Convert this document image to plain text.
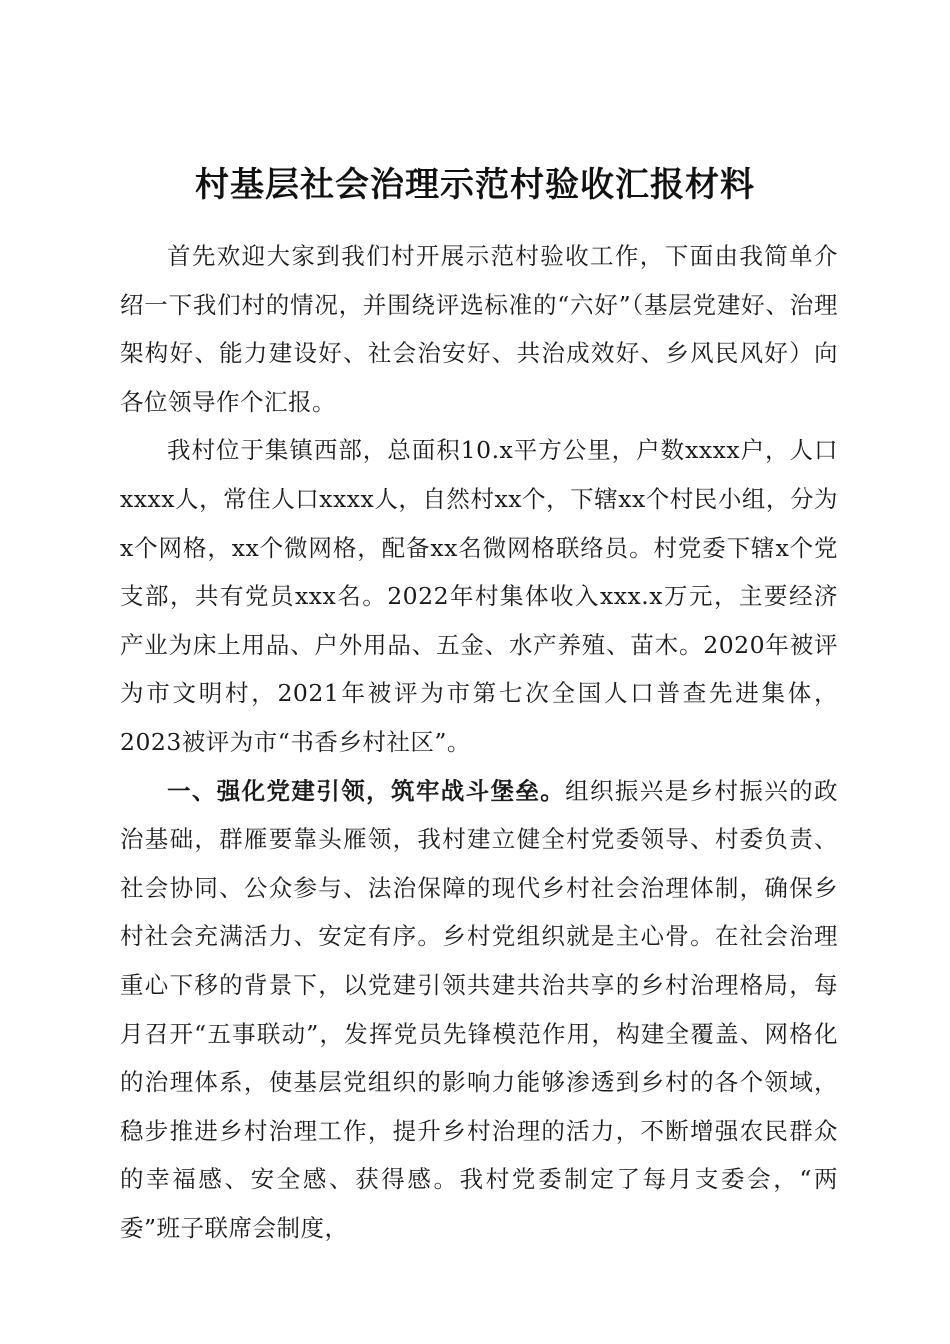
村基层社会治理示范村验收汇报材料

首先欢迎大家到我们村开展示范村验收工作，下面由我简单介绍一下我们村的情况，并围绕评选标准的“六好”（基层党建好、治理架构好、能力建设好、社会治安好、共治成效好、乡风民风好）向各位领导作个汇报。

我村位于集镇西部，总面积10.x平方公里，户数xxxx户，人口xxxx人，常住人口xxxx人，自然村xx个，下辖xx个村民小组，分为x个网格，xx个微网格，配备xx名微网格联络员。村党委下辖x个党支部，共有党员xxx名。2022年村集体收入xxx.x万元，主要经济产业为床上用品、户外用品、五金、水产养殖、苗木。2020年被评为市文明村，2021年被评为市第七次全国人口普查先进集体，2023被评为市“书香乡村社区”。

一、强化党建引领，筑牢战斗堡垒。组织振兴是乡村振兴的政治基础，群雁要靠头雁领，我村建立健全村党委领导、村委负责、社会协同、公众参与、法治保障的现代乡村社会治理体制，确保乡村社会充满活力、安定有序。乡村党组织就是主心骨。在社会治理重心下移的背景下，以党建引领共建共治共享的乡村治理格局，每月召开“五事联动”，发挥党员先锋模范作用，构建全覆盖、网格化的治理体系，使基层党组织的影响力能够渗透到乡村的各个领域，稳步推进乡村治理工作，提升乡村治理的活力，不断增强农民群众的幸福感、安全感、获得感。我村党委制定了每月支委会，“两委”班子联席会制度，
